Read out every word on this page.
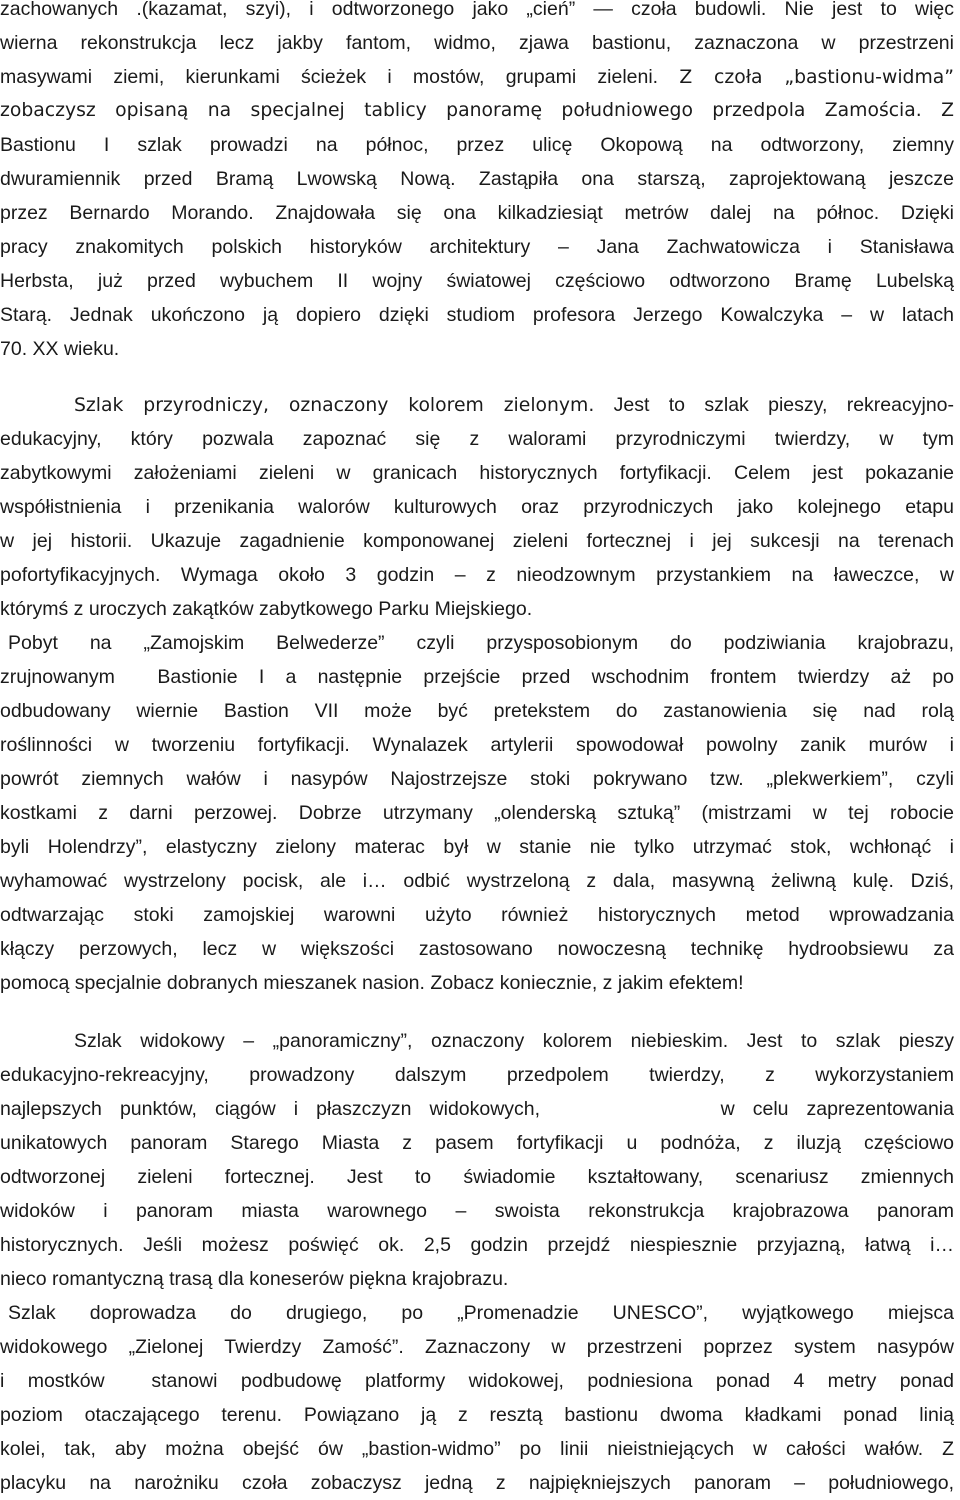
zachowanych .(kazamat, szyi), i odtworzonego jako „cień” — czoła budowli. Nie jest to więc
wierna rekonstrukcja lecz jakby fantom, widmo, zjawa bastionu, zaznaczona w przestrzeni
masywami ziemi, kierunkami ścieżek i mostów, grupami zieleni. Z czoła „bastionu-widma”
zobaczysz opisaną na specjalnej tablicy panoramę południowego przedpola Zamościa. Z
Bastionu I szlak prowadzi na północ, przez ulicę Okopową na odtworzony, ziemny
dwuramiennik przed Bramą Lwowską Nową. Zastąpiła ona starszą, zaprojektowaną jeszcze
przez Bernardo Morando. Znajdowała się ona kilkadziesiąt metrów dalej na północ. Dzięki
pracy znakomitych polskich historyków architektury – Jana Zachwatowicza i Stanisława
Herbsta, już przed wybuchem II wojny światowej częściowo odtworzono Bramę Lubelską
Starą. Jednak ukończono ją dopiero dzięki studiom profesora Jerzego Kowalczyka – w latach
70. XX wieku.
Szlak przyrodniczy, oznaczony kolorem zielonym. Jest to szlak pieszy, rekreacyjno-
edukacyjny, który pozwala zapoznać się z walorami przyrodniczymi twierdzy, w tym
zabytkowymi założeniami zieleni w granicach historycznych fortyfikacji. Celem jest pokazanie
współistnienia i przenikania walorów kulturowych oraz przyrodniczych jako kolejnego etapu
w jej historii. Ukazuje zagadnienie komponowanej zieleni fortecznej i jej sukcesji na terenach
pofortyfikacyjnych. Wymaga około 3 godzin – z nieodzownym przystankiem na ławeczce, w
którymś z uroczych zakątków zabytkowego Parku Miejskiego.
Pobyt na „Zamojskim Belwederze” czyli przysposobionym do podziwiania krajobrazu,
zrujnowanym  Bastionie I a następnie przejście przed wschodnim frontem twierdzy aż po
odbudowany wiernie Bastion VII może być pretekstem do zastanowienia się nad rolą
roślinności w tworzeniu fortyfikacji. Wynalazek artylerii spowodował powolny zanik murów i
powrót ziemnych wałów i nasypów Najostrzejsze stoki pokrywano tzw. „plekwerkiem”, czyli
kostkami z darni perzowej. Dobrze utrzymany „olenderską sztuką” (mistrzami w tej robocie
byli Holendrzy”, elastyczny zielony materac był w stanie nie tylko utrzymać stok, wchłonąć i
wyhamować wystrzelony pocisk, ale i… odbić wystrzeloną z dala, masywną żeliwną kulę. Dziś,
odtwarzając stoki zamojskiej warowni użyto również historycznych metod wprowadzania
kłączy perzowych, lecz w większości zastosowano nowoczesną technikę hydroobsiewu za
pomocą specjalnie dobranych mieszanek nasion. Zobacz koniecznie, z jakim efektem!
Szlak widokowy – „panoramiczny”, oznaczony kolorem niebieskim. Jest to szlak pieszy
edukacyjno-rekreacyjny, prowadzony dalszym przedpolem twierdzy, z wykorzystaniem
najlepszych punktów, ciągów i płaszczyzn widokowych,          w celu zaprezentowania
unikatowych panoram Starego Miasta z pasem fortyfikacji u podnóża, z iluzją częściowo
odtworzonej zieleni fortecznej. Jest to świadomie kształtowany, scenariusz zmiennych
widoków i panoram miasta warownego – swoista rekonstrukcja krajobrazowa panoram
historycznych. Jeśli możesz poświęć ok. 2,5 godzin przejdź niespiesznie przyjazną, łatwą i…
nieco romantyczną trasą dla koneserów piękna krajobrazu.
Szlak doprowadza do drugiego, po „Promenadzie UNESCO”, wyjątkowego miejsca
widokowego „Zielonej Twierdzy Zamość”. Zaznaczony w przestrzeni poprzez system nasypów
i mostków  stanowi podbudowę platformy widokowej, podniesiona ponad 4 metry ponad
poziom otaczającego terenu. Powiązano ją z resztą bastionu dwoma kładkami ponad linią
kolei, tak, aby można obejść ów „bastion-widmo” po linii nieistniejących w całości wałów. Z
placyku na narożniku czoła zobaczysz jedną z najpiękniejszych panoram – południowego,
